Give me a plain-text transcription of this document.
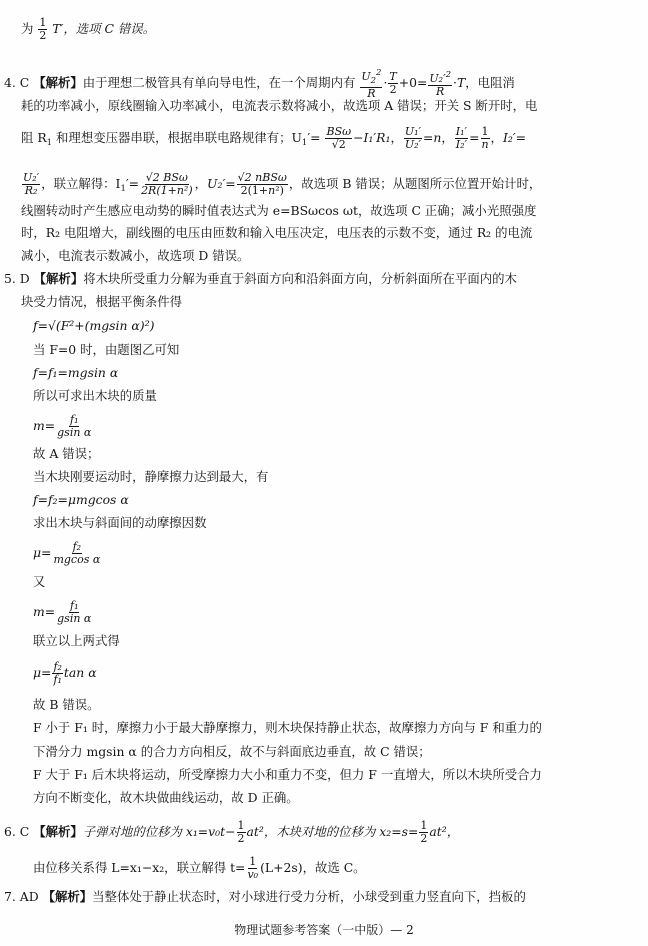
为 $\frac{1}{2} T'$，选项 C 错误。
4. C 【解析】由于理想二极管具有单向导电性，在一个周期内有 $\frac{U_2^2}{R} \cdot \frac{T}{2} +0= \frac{U_2'^2}{R} \cdot T$，电阻消
耗的功率减小，原线圈输入功率减小，电流表示数将减小，故选项 A 错误；开关 S 断开时，电
阻 $R_1$ 和理想变压器串联，根据串联电路规律有；$U_1'= \frac{\text{BSω}}{√2} -I_1'R_1$， $\frac{\text{U₁′}}{\text{U₂′}} =n$， $\frac{\text{I₁′}}{\text{I₂′}} = \frac{1}{n}$ ，I₂′=
$\frac{\text{U₂′}}{\text{R₂}}$ ，联立解得：$I_1'= \frac{\text{√2 BSω}}{\text{2R(1+n²)}}$ ，$U_2'= \frac{\text{√2 nBSω}}{\text{2(1+n²)}}$ ，故选项 B 错误；从题图所示位置开始计时，
线圈转动时产生感应电动势的瞬时值表达式为 e=BSωcos ωt，故选项 C 正确；减小光照强度
时，R₂ 电阻增大，副线圈的电压由匝数和输入电压决定，电压表的示数不变，通过 R₂ 的电流
减小，电流表示数减小，故选项 D 错误。
5. D 【解析】将木块所受重力分解为垂直于斜面方向和沿斜面方向，分析斜面所在平面内的木
块受力情况，根据平衡条件得
f=√(F²+(mgsin α)²)
当 F=0 时，由题图乙可知
f=f₁=mgsin α
所以可求出木块的质量
$m= \frac{\text{f₁}}{\text{gsin α}}$
故 A 错误；
当木块刚要运动时，静摩擦力达到最大，有
f=f₂=μmgcos α
求出木块与斜面间的动摩擦因数
$\mu= \frac{\text{f₂}}{\text{mgcos α}}$
又
$m= \frac{\text{f₁}}{\text{gsin α}}$
联立以上两式得
$\mu= \frac{\text{f₂}}{\text{f₁}}$ tan α
故 B 错误。
F 小于 F₁ 时，摩擦力小于最大静摩擦力，则木块保持静止状态，故摩擦力方向与 F 和重力的
下滑分力 mgsin α 的合力方向相反，故不与斜面底边垂直，故 C 错误；
F 大于 F₁ 后木块将运动，所受摩擦力大小和重力不变，但力 F 一直增大，所以木块所受合力
方向不断变化，故木块做曲线运动，故 D 正确。
6. C 【解析】子弹对地的位移为 $x_1=v_0t- \frac{1}{2} at^2$，木块对地的位移为 $x_2=s= \frac{1}{2} at^2$，
由位移关系得 L=x₁−x₂，联立解得 $t= \frac{1}{\text{v₀}} (L+2s)$，故选 C。
7. AD 【解析】当整体处于静止状态时，对小球进行受力分析，小球受到重力竖直向下，挡板的
物理试题参考答案（一中版）— 2
